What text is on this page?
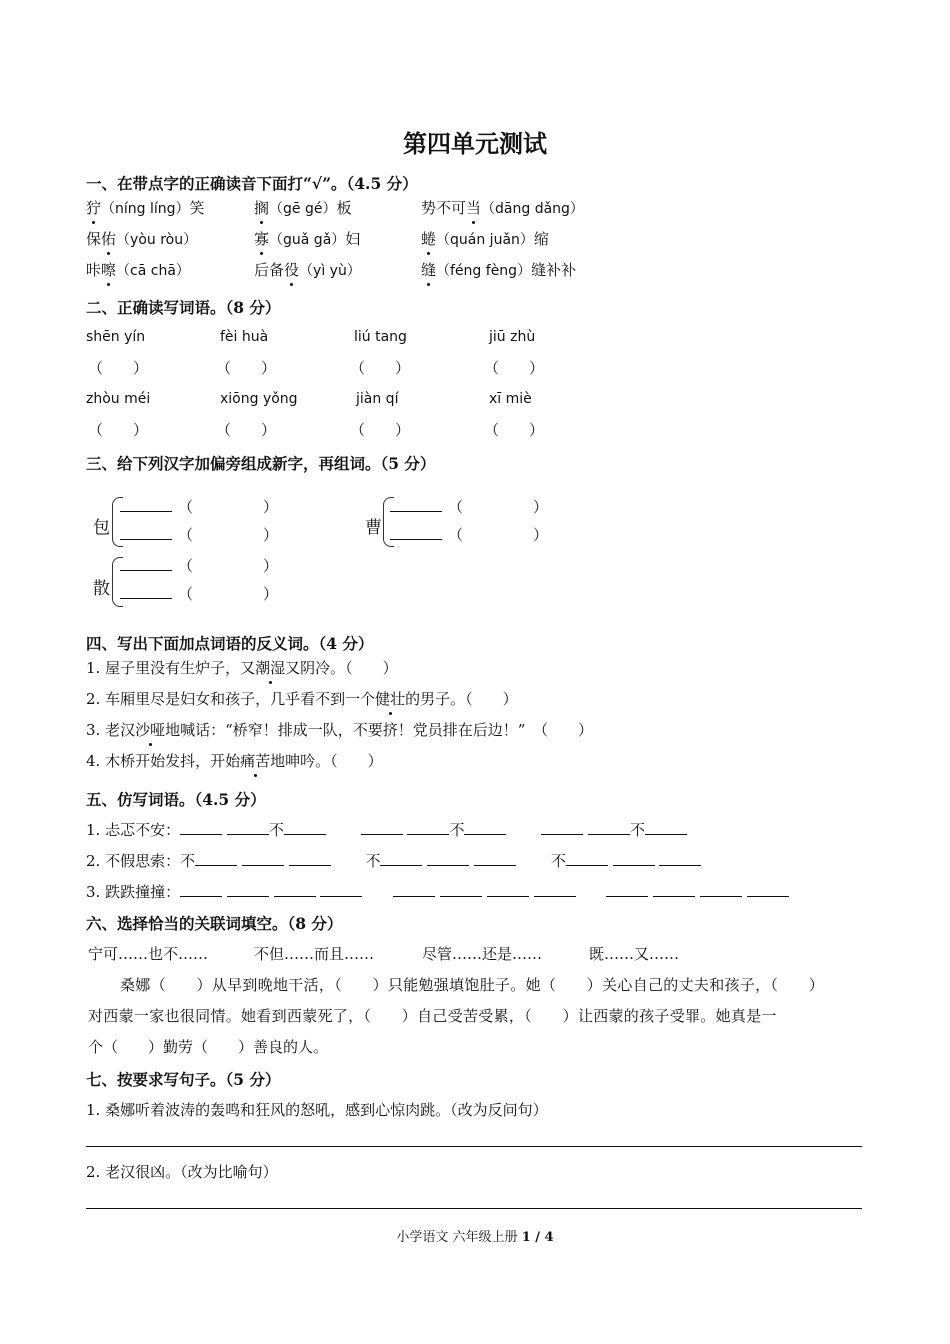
第四单元测试
一、在带点字的正确读音下面打“√”。（4.5 分）
狞（níng líng）笑	搁（gē gé）板	势不可当（dāng dǎng）
保佑（yòu ròu）	寡（guǎ gǎ）妇	蜷（quán juǎn）缩
咔嚓（cā chā）	后备役（yì yù）	缝（féng fèng）缝补补
二、正确读写词语。（8 分）
shēn yín	fèi huà	liú tang	jiū zhù
（　　）	（　　）	（　　）	（　　）
zhòu méi	xiōng yǒng	jiàn qí	xī miè
（　　）	（　　）	（　　）	（　　）
三、给下列汉字加偏旁组成新字，再组词。（5 分）
包
（	）
（	）	曹
（	）
（	）
散
（	）
（	）
四、写出下面加点词语的反义词。（4 分）
1. 屋子里没有生炉子，又潮湿又阴冷。（　　）
2. 车厢里尽是妇女和孩子，几乎看不到一个健壮的男子。（　　）
3. 老汉沙哑地喊话：“桥窄！排成一队，不要挤！党员排在后边！”　（　　）
4. 木桥开始发抖，开始痛苦地呻吟。（　　）
五、仿写词语。（4.5 分）
1. 忐忑不安：	不	不	不
2. 不假思索：不	不	不
3. 跌跌撞撞：
六、选择恰当的关联词填空。（8 分）
宁可……也不……	不但……而且……	尽管……还是……	既……又……
桑娜（　　）从早到晚地干活，（　　）只能勉强填饱肚子。她（　　）关心自己的丈夫和孩子，（　　）
对西蒙一家也很同情。她看到西蒙死了，（　　）自己受苦受累，（　　）让西蒙的孩子受罪。她真是一
个（　　）勤劳（　　）善良的人。
七、按要求写句子。（5 分）
1. 桑娜听着波涛的轰鸣和狂风的怒吼，感到心惊肉跳。（改为反问句）
2. 老汉很凶。（改为比喻句）
小学语文 六年级上册 1 / 4
